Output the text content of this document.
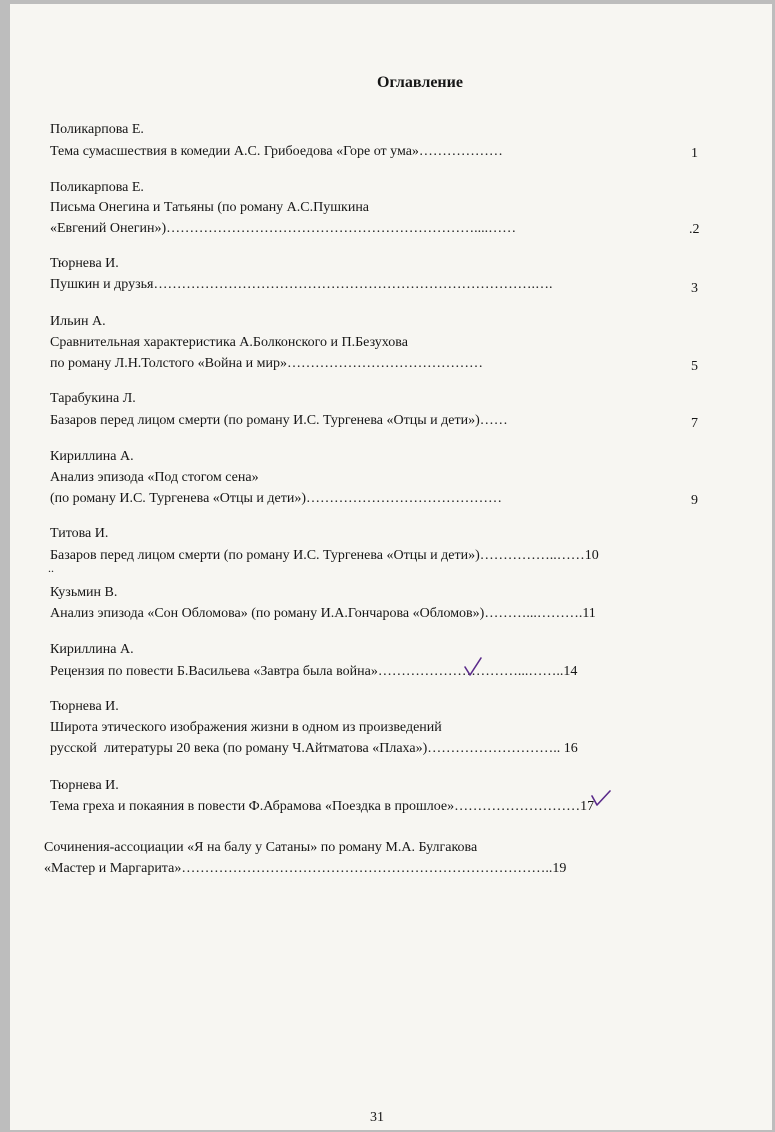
Оглавление
Поликарпова Е.
Тема сумасшествия в комедии А.С. Грибоедова «Горе от ума»………………	1
Поликарпова Е.
Письма Онегина и Татьяны (по роману А.С.Пушкина
«Евгений Онегин»)…………………………………………………………....……	.2
Тюрнева И.
Пушкин и друзья……………………………………………………………………….….	3
Ильин А.
Сравнительная характеристика А.Болконского и П.Безухова
по роману Л.Н.Толстого «Война и мир»……………………………………	5
Тарабукина Л.
Базаров перед лицом смерти (по роману И.С. Тургенева «Отцы и дети»)……	7
Кириллина А.
Анализ эпизода «Под стогом сена»
(по роману И.С. Тургенева «Отцы и дети»)……………………………………	9
Титова И.
Базаров перед лицом смерти (по роману И.С. Тургенева «Отцы и дети»)……………..……10
..
Кузьмин В.
Анализ эпизода «Сон Обломова» (по роману И.А.Гончарова «Обломов»)………...……….11
Кириллина А.
Рецензия по повести Б.Васильева «Завтра была война»…………………………...……..14
Тюрнева И.
Широта этического изображения жизни в одном из произведений
русской  литературы 20 века (по роману Ч.Айтматова «Плаха»)……………………….. 16
Тюрнева И.
Тема греха и покаяния в повести Ф.Абрамова «Поездка в прошлое»………………………17
Сочинения-ассоциации «Я на балу у Сатаны» по роману М.А. Булгакова
«Мастер и Маргарита»……………………………………………………………………..19
31
